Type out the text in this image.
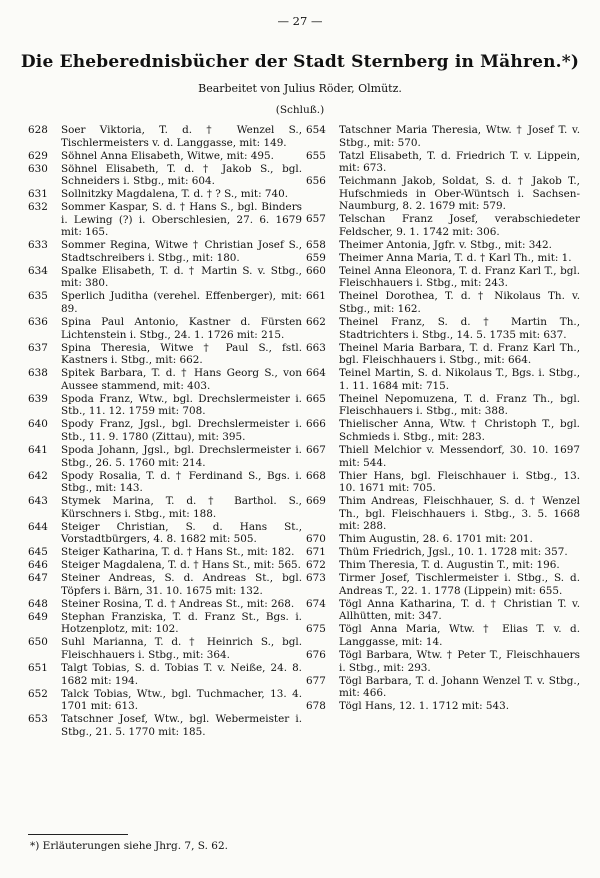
— 27 —
Die Eheberednisbücher der Stadt Sternberg in Mähren.*)
Bearbeitet von Julius Röder, Olmütz.
(Schluß.)
628	Soer Viktoria, T. d. † Wenzel S., Tischlermeisters v. d. Langgasse, mit: 149.
629	Söhnel Anna Elisabeth, Witwe, mit: 495.
630	Söhnel Elisabeth, T. d. † Jakob S., bgl. Schneiders i. Stbg., mit: 604.
631	Sollnitzky Magdalena, T. d. † ? S., mit: 740.
632	Sommer Kaspar, S. d. † Hans S., bgl. Binders i. Lewing (?) i. Oberschlesien, 27. 6. 1679 mit: 165.
633	Sommer Regina, Witwe † Christian Josef S., Stadtschreibers i. Stbg., mit: 180.
634	Spalke Elisabeth, T. d. † Martin S. v. Stbg., mit: 380.
635	Sperlich Juditha (verehel. Effenberger), mit: 89.
636	Spina Paul Antonio, Kastner d. Fürsten Lichtenstein i. Stbg., 24. 1. 1726 mit: 215.
637	Spina Theresia, Witwe † Paul S., fstl. Kastners i. Stbg., mit: 662.
638	Spitek Barbara, T. d. † Hans Georg S., von Aussee stammend, mit: 403.
639	Spoda Franz, Wtw., bgl. Drechslermeister i. Stb., 11. 12. 1759 mit: 708.
640	Spody Franz, Jgsl., bgl. Drechslermeister i. Stb., 11. 9. 1780 (Zittau), mit: 395.
641	Spoda Johann, Jgsl., bgl. Drechslermeister i. Stbg., 26. 5. 1760 mit: 214.
642	Spody Rosalia, T. d. † Ferdinand S., Bgs. i. Stbg., mit: 143.
643	Stymek Marina, T. d. † Barthol. S., Kürschners i. Stbg., mit: 188.
644	Steiger Christian, S. d. Hans St., Vorstadtbürgers, 4. 8. 1682 mit: 505.
645	Steiger Katharina, T. d. † Hans St., mit: 182.
646	Steiger Magdalena, T. d. † Hans St., mit: 565.
647	Steiner Andreas, S. d. Andreas St., bgl. Töpfers i. Bärn, 31. 10. 1675 mit: 132.
648	Steiner Rosina, T. d. † Andreas St., mit: 268.
649	Stephan Franziska, T. d. Franz St., Bgs. i. Hotzenplotz, mit: 102.
650	Suhl Marianna, T. d. † Heinrich S., bgl. Fleischhauers i. Stbg., mit: 364.
651	Talgt Tobias, S. d. Tobias T. v. Neiße, 24. 8. 1682 mit: 194.
652	Talck Tobias, Wtw., bgl. Tuchmacher, 13. 4. 1701 mit: 613.
653	Tatschner Josef, Wtw., bgl. Webermeister i. Stbg., 21. 5. 1770 mit: 185.
654	Tatschner Maria Theresia, Wtw. † Josef T. v. Stbg., mit: 570.
655	Tatzl Elisabeth, T. d. Friedrich T. v. Lippein, mit: 673.
656	Teichmann Jakob, Soldat, S. d. † Jakob T., Hufschmieds in Ober-Wüntsch i. Sachsen-Naumburg, 8. 2. 1679 mit: 579.
657	Telschan Franz Josef, verabschiedeter Feldscher, 9. 1. 1742 mit: 306.
658	Theimer Antonia, Jgfr. v. Stbg., mit: 342.
659	Theimer Anna Maria, T. d. † Karl Th., mit: 1.
660	Teinel Anna Eleonora, T. d. Franz Karl T., bgl. Fleischhauers i. Stbg., mit: 243.
661	Theinel Dorothea, T. d. † Nikolaus Th. v. Stbg., mit: 162.
662	Theinel Franz, S. d. † Martin Th., Stadtrichters i. Stbg., 14. 5. 1735 mit: 637.
663	Theinel Maria Barbara, T. d. Franz Karl Th., bgl. Fleischhauers i. Stbg., mit: 664.
664	Teinel Martin, S. d. Nikolaus T., Bgs. i. Stbg., 1. 11. 1684 mit: 715.
665	Theinel Nepomuzena, T. d. Franz Th., bgl. Fleischhauers i. Stbg., mit: 388.
666	Thielischer Anna, Wtw. † Christoph T., bgl. Schmieds i. Stbg., mit: 283.
667	Thiell Melchior v. Messendorf, 30. 10. 1697 mit: 544.
668	Thier Hans, bgl. Fleischhauer i. Stbg., 13. 10. 1671 mit: 705.
669	Thim Andreas, Fleischhauer, S. d. † Wenzel Th., bgl. Fleischhauers i. Stbg., 3. 5. 1668 mit: 288.
670	Thim Augustin, 28. 6. 1701 mit: 201.
671	Thüm Friedrich, Jgsl., 10. 1. 1728 mit: 357.
672	Thim Theresia, T. d. Augustin T., mit: 196.
673	Tirmer Josef, Tischlermeister i. Stbg., S. d. Andreas T., 22. 1. 1778 (Lippein) mit: 655.
674	Tögl Anna Katharina, T. d. † Christian T. v. Allhütten, mit: 347.
675	Tögl Anna Maria, Wtw. † Elias T. v. d. Langgasse, mit: 14.
676	Tögl Barbara, Wtw. † Peter T., Fleischhauers i. Stbg., mit: 293.
677	Tögl Barbara, T. d. Johann Wenzel T. v. Stbg., mit: 466.
678	Tögl Hans, 12. 1. 1712 mit: 543.
*) Erläuterungen siehe Jhrg. 7, S. 62.
